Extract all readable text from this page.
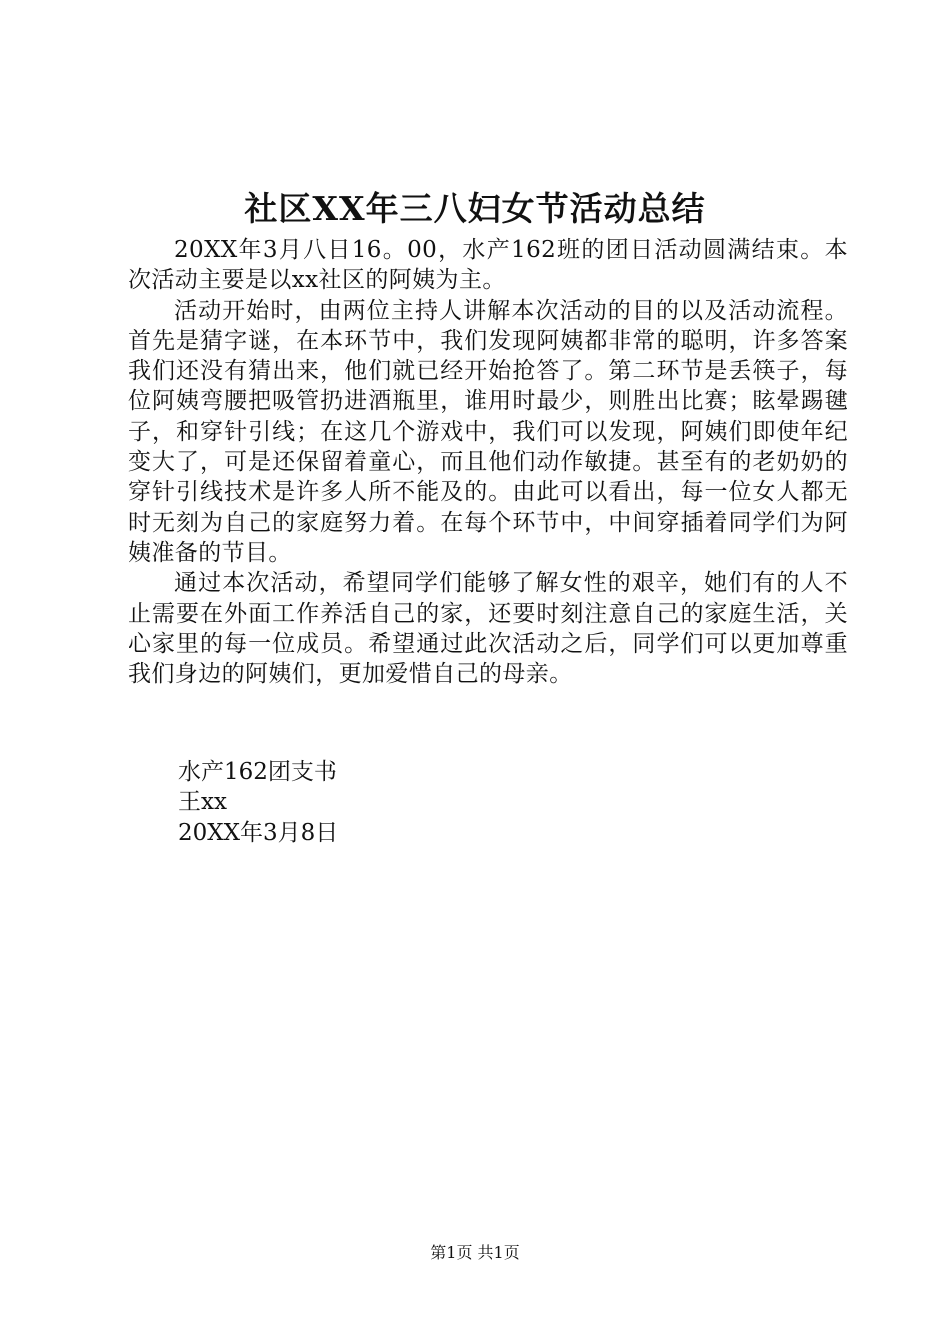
社区XX年三八妇女节活动总结

20XX年3月八日16。00，水产162班的团日活动圆满结束。本次活动主要是以xx社区的阿姨为主。

活动开始时，由两位主持人讲解本次活动的目的以及活动流程。首先是猜字谜，在本环节中，我们发现阿姨都非常的聪明，许多答案我们还没有猜出来，他们就已经开始抢答了。第二环节是丢筷子，每位阿姨弯腰把吸管扔进酒瓶里，谁用时最少，则胜出比赛；眩晕踢毽子，和穿针引线；在这几个游戏中，我们可以发现，阿姨们即使年纪变大了，可是还保留着童心，而且他们动作敏捷。甚至有的老奶奶的穿针引线技术是许多人所不能及的。由此可以看出，每一位女人都无时无刻为自己的家庭努力着。在每个环节中，中间穿插着同学们为阿姨准备的节目。

通过本次活动，希望同学们能够了解女性的艰辛，她们有的人不止需要在外面工作养活自己的家，还要时刻注意自己的家庭生活，关心家里的每一位成员。希望通过此次活动之后，同学们可以更加尊重我们身边的阿姨们，更加爱惜自己的母亲。

水产162团支书
王xx
20XX年3月8日
第1页 共1页
